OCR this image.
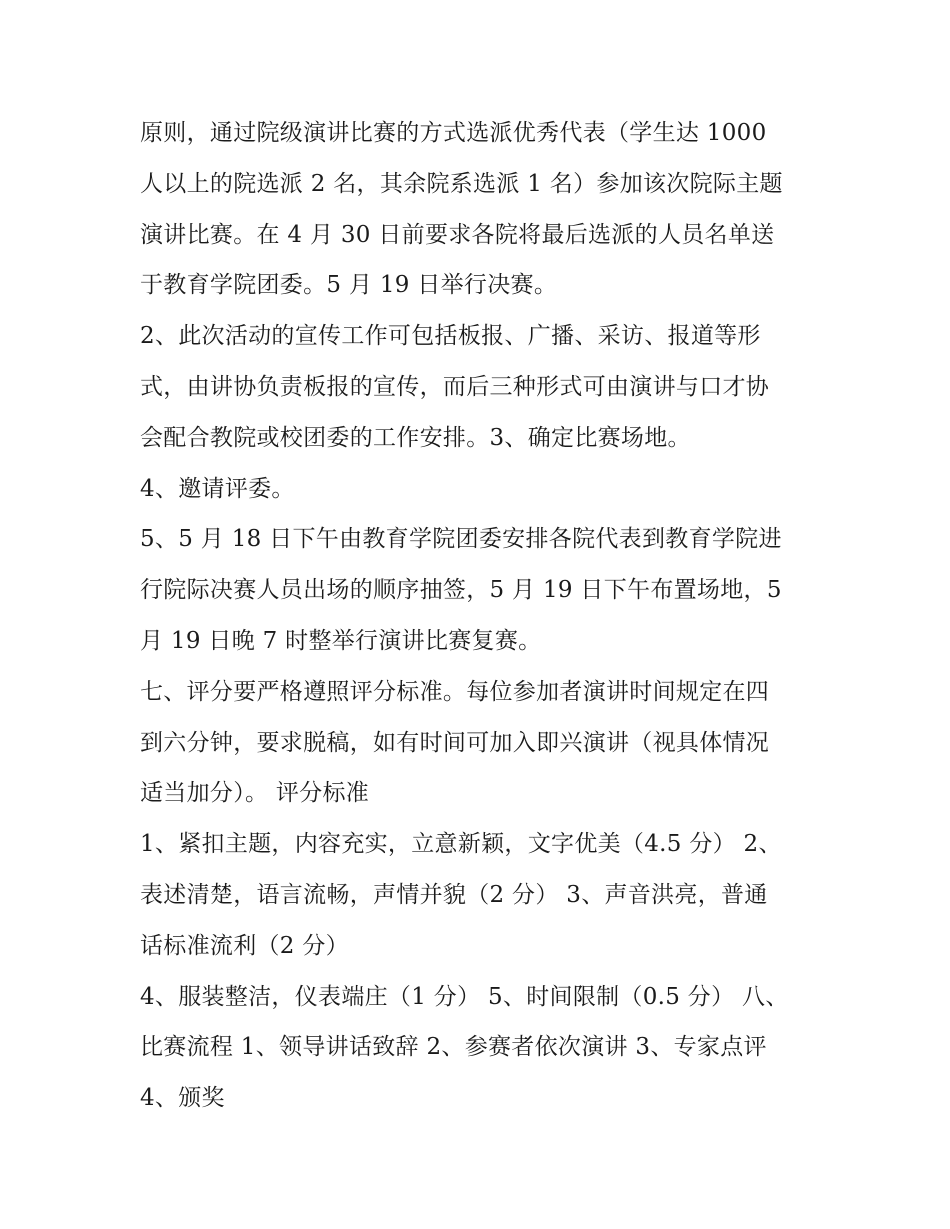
原则，通过院级演讲比赛的方式选派优秀代表（学生达 1000
人以上的院选派 2 名，其余院系选派 1 名）参加该次院际主题
演讲比赛。在 4 月 30 日前要求各院将最后选派的人员名单送
于教育学院团委。5 月 19 日举行决赛。
2、此次活动的宣传工作可包括板报、广播、采访、报道等形
式，由讲协负责板报的宣传，而后三种形式可由演讲与口才协
会配合教院或校团委的工作安排。3、确定比赛场地。
4、邀请评委。
5、5 月 18 日下午由教育学院团委安排各院代表到教育学院进
行院际决赛人员出场的顺序抽签，5 月 19 日下午布置场地，5
月 19 日晚 7 时整举行演讲比赛复赛。
七、评分要严格遵照评分标准。每位参加者演讲时间规定在四
到六分钟，要求脱稿，如有时间可加入即兴演讲（视具体情况
适当加分）。 评分标准
1、紧扣主题，内容充实，立意新颖，文字优美（4.5 分） 2、
表述清楚，语言流畅，声情并貌（2 分） 3、声音洪亮，普通
话标准流利（2 分）
4、服装整洁，仪表端庄（1 分） 5、时间限制（0.5 分） 八、
比赛流程 1、领导讲话致辞 2、参赛者依次演讲 3、专家点评
4、颁奖
